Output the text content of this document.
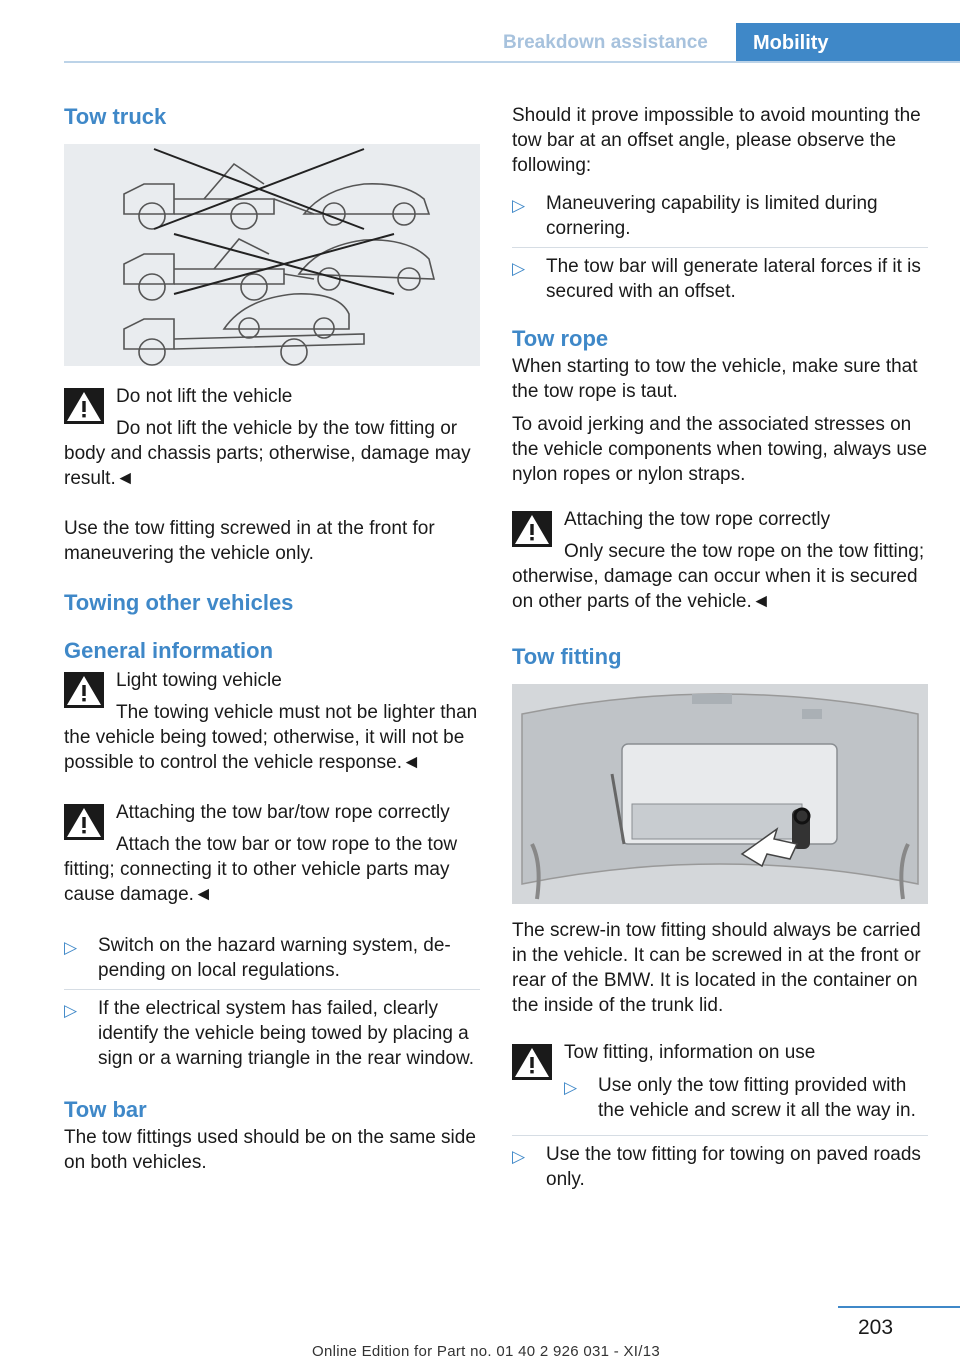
Breakdown assistance Mobility
Tow truck

Do not lift the vehicle

Do not lift the vehicle by the tow fitting or body and chassis parts; otherwise, damage may result.◄

Use the tow fitting screwed in at the front for maneuvering the vehicle only.

Towing other vehicles
General information

Light towing vehicle

The towing vehicle must not be lighter than the vehicle being towed; otherwise, it will not be possible to control the vehicle response.◄

Attaching the tow bar/tow rope correctly

Attach the tow bar or tow rope to the tow fitting; connecting it to other vehicle parts may cause damage.◄

▷ Switch on the hazard warning system, depending on local regulations.
▷ If the electrical system has failed, clearly identify the vehicle being towed by placing a sign or a warning triangle in the rear window.
Tow bar

The tow fittings used should be on the same side on both vehicles.

Should it prove impossible to avoid mounting the tow bar at an offset angle, please observe the following:

▷ Maneuvering capability is limited during cornering.
▷ The tow bar will generate lateral forces if it is secured with an offset.
Tow rope

When starting to tow the vehicle, make sure that the tow rope is taut.

To avoid jerking and the associated stresses on the vehicle components when towing, always use nylon ropes or nylon straps.

Attaching the tow rope correctly

Only secure the tow rope on the tow fitting; otherwise, damage can occur when it is secured on other parts of the vehicle.◄

Tow fitting

The screw-in tow fitting should always be carried in the vehicle. It can be screwed in at the front or rear of the BMW. It is located in the container on the inside of the trunk lid.

Tow fitting, information on use

▷ Use only the tow fitting provided with the vehicle and screw it all the way in.
▷ Use the tow fitting for towing on paved roads only.
203
Online Edition for Part no. 01 40 2 926 031 - XI/13
